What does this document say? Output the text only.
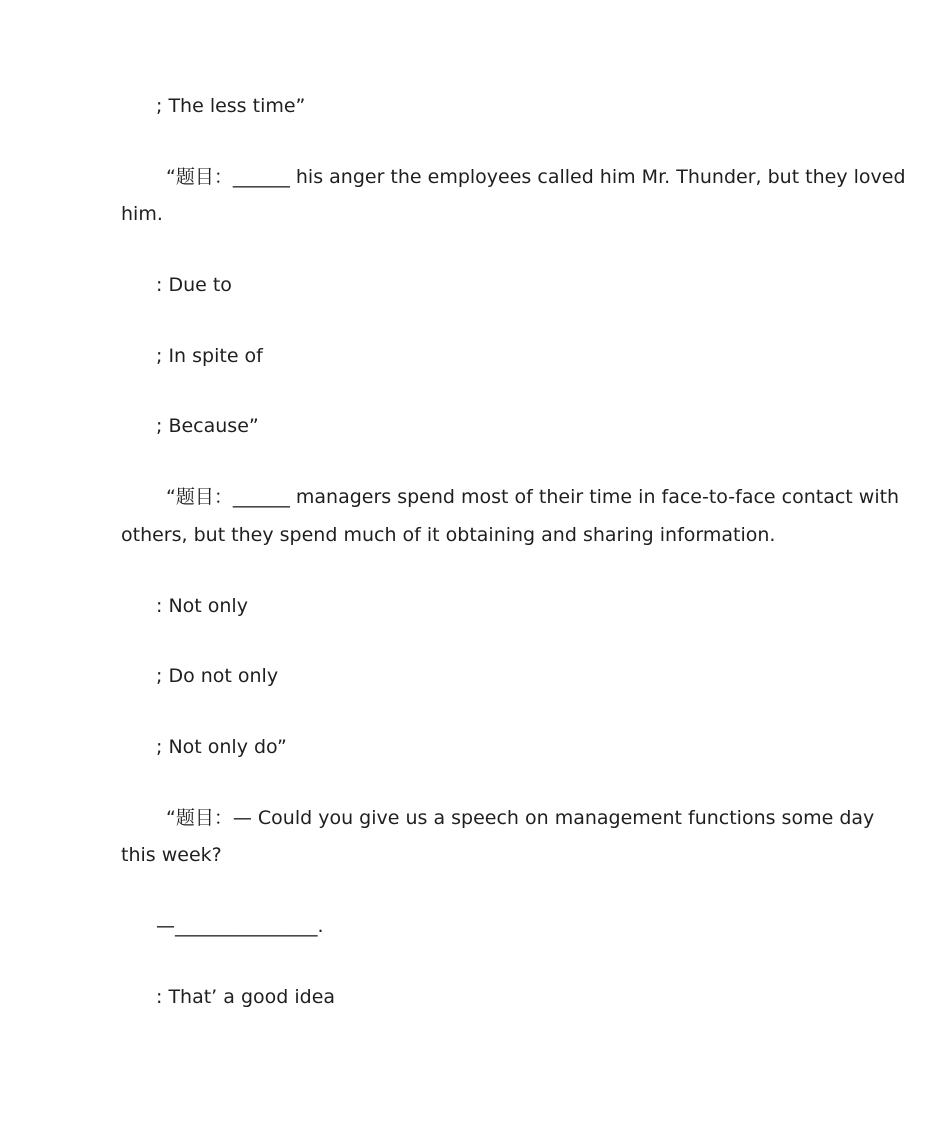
; The less time”
“题目：______ his anger the employees called him Mr. Thunder, but they loved
him.
: Due to
; In spite of
; Because”
“题目：______ managers spend most of their time in face-to-face contact with
others, but they spend much of it obtaining and sharing information.
: Not only
; Do not only
; Not only do”
“题目：— Could you give us a speech on management functions some day
this week?
—_______________.
: That’ a good idea
